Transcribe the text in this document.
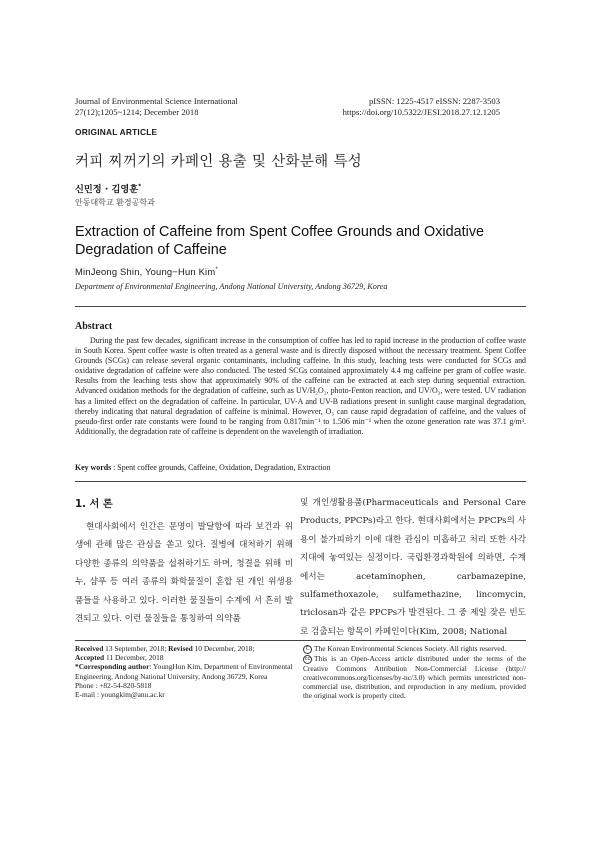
Journal of Environmental Science International
27(12);1205~1214; December 2018
pISSN: 1225-4517 eISSN: 2287-3503
https://doi.org/10.5322/JESI.2018.27.12.1205
ORIGINAL ARTICLE
커피 찌꺼기의 카페인 용출 및 산화분해 특성
신민정 · 김영훈*
안동대학교 환경공학과
Extraction of Caffeine from Spent Coffee Grounds and Oxidative Degradation of Caffeine
MinJeong Shin, Young−Hun Kim*
Department of Environmental Engineering, Andong National University, Andong 36729, Korea
Abstract
During the past few decades, significant increase in the consumption of coffee has led to rapid increase in the production of coffee waste in South Korea. Spent coffee waste is often treated as a general waste and is directly disposed without the necessary treatment. Spent Coffee Grounds (SCGs) can release several organic contaminants, including caffeine. In this study, leaching tests were conducted for SCGs and oxidative degradation of caffeine were also conducted. The tested SCGs contained approximately 4.4 mg caffeine per gram of coffee waste. Results from the leaching tests show that approximately 90% of the caffeine can be extracted at each step during sequential extraction. Advanced oxidation methods for the degradation of caffeine, such as UV/H₂O₂, photo-Fenton reaction, and UV/O₃, were tested. UV radiation has a limited effect on the degradation of caffeine. In particular, UV-A and UV-B radiations present in sunlight cause marginal degradation, thereby indicating that natural degradation of caffeine is minimal. However, O₃ can cause rapid degradation of caffeine, and the values of pseudo-first order rate constants were found to be ranging from 0.817min⁻¹ to 1.506 min⁻¹ when the ozone generation rate was 37.1 g/m³. Additionally, the degradation rate of caffeine is dependent on the wavelength of irradiation.
Key words : Spent coffee grounds, Caffeine, Oxidation, Degradation, Extraction
1. 서 론
현대사회에서 인간은 문명이 발달함에 따라 보건과 위생에 관해 많은 관심을 쏟고 있다. 질병에 대처하기 위해 다양한 종류의 의약품을 섭취하기도 하며, 청결을 위해 비누, 샴푸 등 여러 종류의 화학물질이 혼합 된 개인 위생용품들을 사용하고 있다. 이러한 물질들이 수계에 서 흔히 발견되고 있다. 이런 물질들을 통칭하여 의약품
및 개인생활용품(Pharmaceuticals and Personal Care Products, PPCPs)라고 한다. 현대사회에서는 PPCPs의 사용이 불가피하기 이에 대한 관심이 미흡하고 처리 또한 사각지대에 놓여있는 실정이다. 국립환경과학원에 의하면, 수계에서는 acetaminophen, carbamazepine, sulfamethoxazole, sulfamethazine, lincomycin, triclosan과 같은 PPCPs가 발견된다. 그 중 제일 잦은 빈도로 검출되는 항목이 카페인이다(Kim, 2008; National
Received 13 September, 2018; Revised 10 December, 2018;
Accepted 11 December, 2018
*Corresponding author: YoungHun Kim, Department of Environmental Engineering, Andong National University, Andong 36729, Korea
Phone : +82-54-820-5818
E-mail : youngkim@anu.ac.kr
C The Korean Environmental Sciences Society. All rights reserved.
cc This is an Open-Access article distributed under the terms of the Creative Commons Attribution Non-Commercial License (http:// creativecommons.org/licenses/by-nc/3.0) which permits unrestricted non-commercial use, distribution, and reproduction in any medium, provided the original work is properly cited.
